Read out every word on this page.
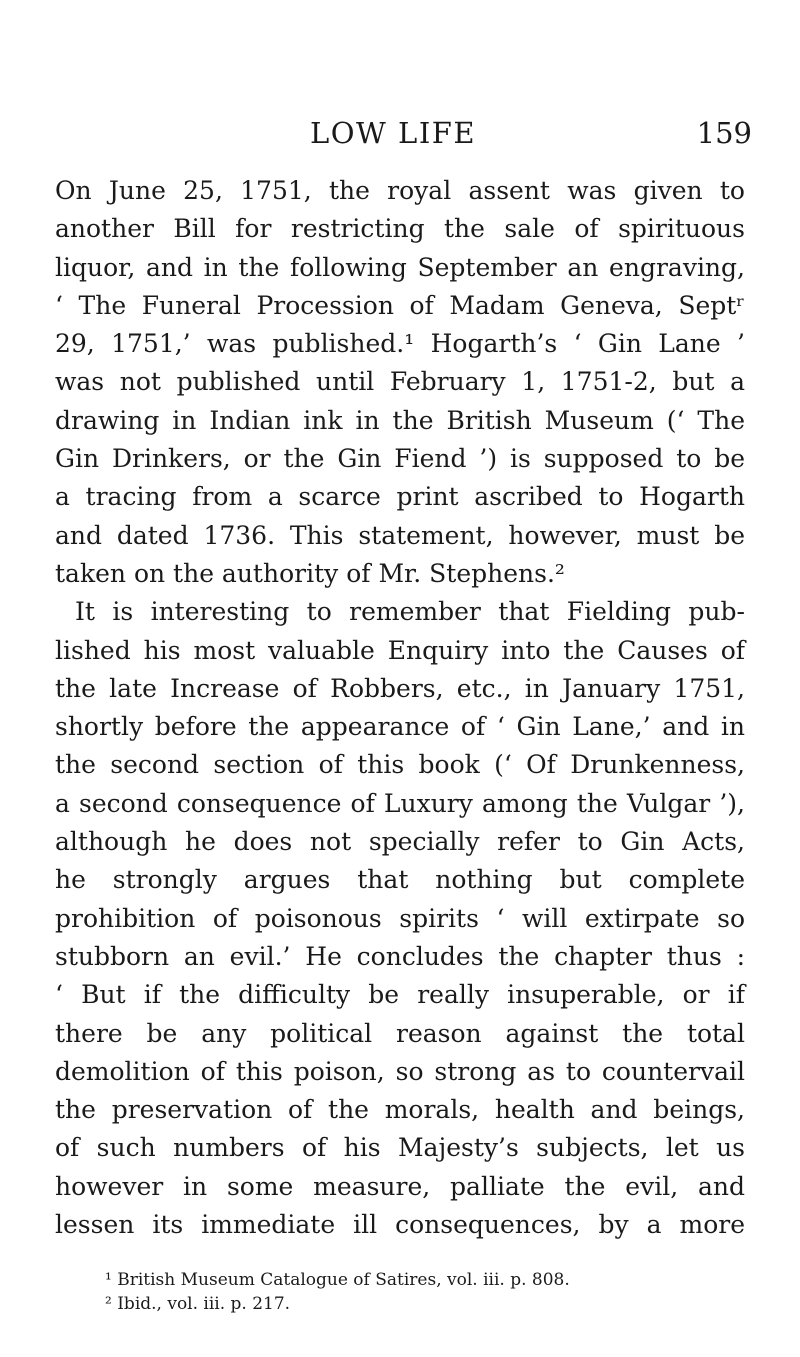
LOW LIFE	159
On June 25, 1751, the royal assent was given to
another Bill for restricting the sale of spirituous
liquor, and in the following September an engraving,
‘ The Funeral Procession of Madam Geneva, Septʳ
29, 1751,’ was published.¹ Hogarth’s ‘ Gin Lane ’
was not published until February 1, 1751-2, but a
drawing in Indian ink in the British Museum (‘ The
Gin Drinkers, or the Gin Fiend ’) is supposed to be
a tracing from a scarce print ascribed to Hogarth
and dated 1736. This statement, however, must be
taken on the authority of Mr. Stephens.²
It is interesting to remember that Fielding pub-
lished his most valuable Enquiry into the Causes of
the late Increase of Robbers, etc., in January 1751,
shortly before the appearance of ‘ Gin Lane,’ and in
the second section of this book (‘ Of Drunkenness,
a second consequence of Luxury among the Vulgar ’),
although he does not specially refer to Gin Acts,
he strongly argues that nothing but complete
prohibition of poisonous spirits ‘ will extirpate so
stubborn an evil.’ He concludes the chapter thus :
‘ But if the difficulty be really insuperable, or if
there be any political reason against the total
demolition of this poison, so strong as to countervail
the preservation of the morals, health and beings,
of such numbers of his Majesty’s subjects, let us
however in some measure, palliate the evil, and
lessen its immediate ill consequences, by a more
¹ British Museum Catalogue of Satires, vol. iii. p. 808.
² Ibid., vol. iii. p. 217.
